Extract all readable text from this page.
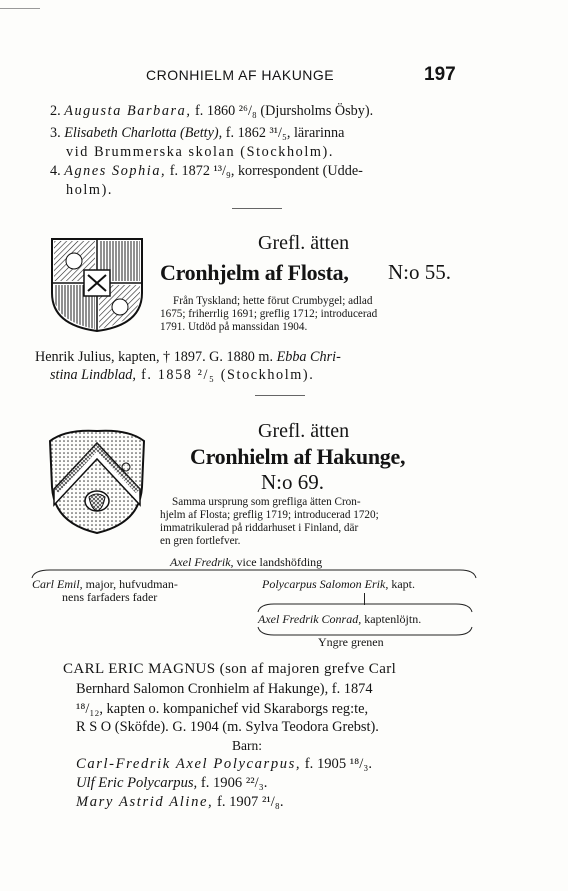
CRONHIELM AF HAKUNGE	197
2. Augusta Barbara, f. 1860 ²⁶/₈ (Djursholms Ösby).
3. Elisabeth Charlotta (Betty), f. 1862 ³¹/₅, lärarinna
vid Brummerska skolan (Stockholm).
4. Agnes Sophia, f. 1872 ¹³/₉, korrespondent (Udde-
holm).
Grefl. ätten
Cronhjelm af Flosta, N:o 55.
Från Tyskland; hette förut Crumbygel; adlad
1675; friherrlig 1691; greflig 1712; introducerad
1791. Utdöd på manssidan 1904.
Henrik Julius, kapten, † 1897. G. 1880 m. Ebba Chri-
stina Lindblad, f. 1858 ²/₅ (Stockholm).
Grefl. ätten
Cronhielm af Hakunge,
N:o 69.
Samma ursprung som grefliga ätten Cron-
hjelm af Flosta; greflig 1719; introducerad 1720;
immatrikulerad på riddarhuset i Finland, där
en gren fortlefver.
Axel Fredrik, vice landshöfding
Carl Emil, major, hufvudman-
nens farfaders fader
Polycarpus Salomon Erik, kapt.
Axel Fredrik Conrad, kaptenlöjtn.
Yngre grenen
CARL ERIC MAGNUS (son af majoren grefve Carl
Bernhard Salomon Cronhielm af Hakunge), f. 1874
¹⁸/₁₂, kapten o. kompanichef vid Skaraborgs reg:te,
R S O (Sköfde). G. 1904 (m. Sylva Teodora Grebst).
Barn:
Carl-Fredrik Axel Polycarpus, f. 1905 ¹⁸/₃.
Ulf Eric Polycarpus, f. 1906 ²²/₃.
Mary Astrid Aline, f. 1907 ²¹/₈.
